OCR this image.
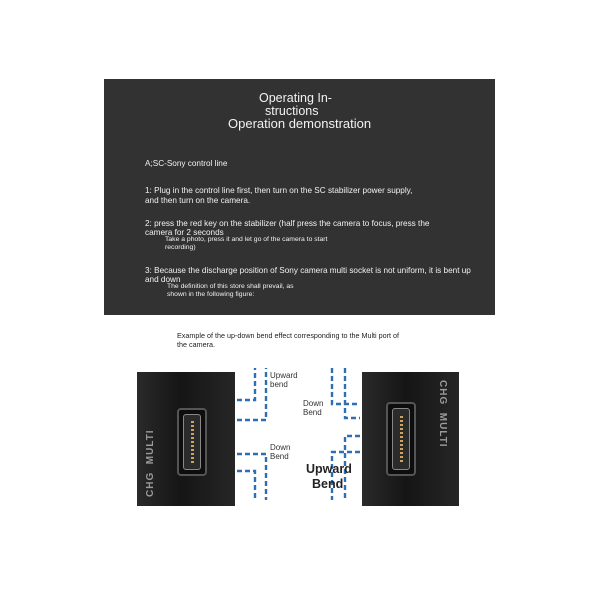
Operating In-
structions
Operation demonstration
A;SC-Sony control line
1: Plug in the control line first, then turn on the SC stabilizer power supply,
and then turn on the camera.
2: press the red key on the stabilizer (half press the camera to focus, press the
camera for 2 seconds
Take a photo, press it and let go of the camera to start
recording)
3: Because the discharge position of Sony camera multi socket is not uniform, it is bent up
and down
The definition of this store shall prevail, as
shown in the following figure:
Example of the up-down bend effect corresponding to the Multi port of
the camera.
CHG  MULTI
CHG  MULTI
Upward
bend
Down
Bend
Down
Bend
Upward
Bend
